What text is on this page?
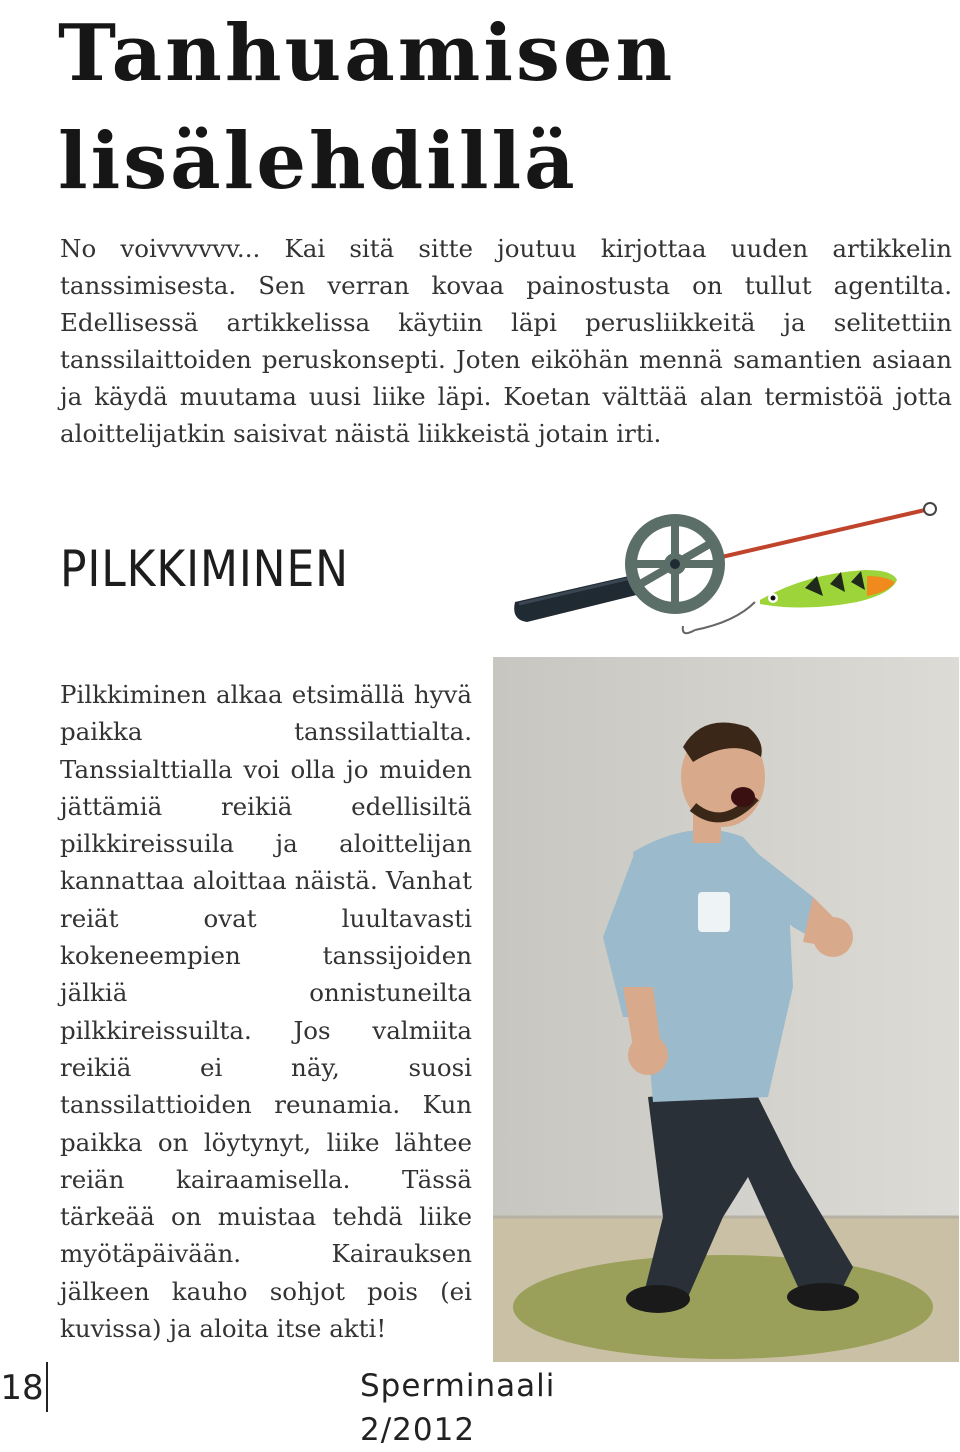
Tanhuamisen
lisälehdillä

No voivvvvvv... Kai sitä sitte joutuu kirjottaa uuden artikkelin tanssimisesta. Sen verran kovaa painostusta on tullut agentilta. Edellisessä artikkelissa käytiin läpi perusliikkeitä ja selitettiin tanssilaittoiden peruskonsepti. Joten eiköhän mennä samantien asiaan ja käydä muutama uusi liike läpi. Koetan välttää alan termistöä jotta aloittelijatkin saisivat näistä liikkeistä jotain irti.

PILKKIMINEN

Pilkkiminen alkaa etsimällä hyvä paikka tanssilattialta. Tanssialttialla voi olla jo muiden jättämiä reikiä edellisiltä pilkkireissuila ja aloittelijan kannattaa aloittaa näistä. Vanhat reiät ovat luultavasti kokeneempien tanssijoiden jälkiä onnistuneilta pilkkireissuilta. Jos valmiita reikiä ei näy, suosi tanssilattioiden reunamia. Kun paikka on löytynyt, liike lähtee reiän kairaamisella. Tässä tärkeää on muistaa tehdä liike myötäpäivään. Kairauksen jälkeen kauho sohjot pois (ei kuvissa) ja aloita itse akti!

18	Sperminaali 2/2012
